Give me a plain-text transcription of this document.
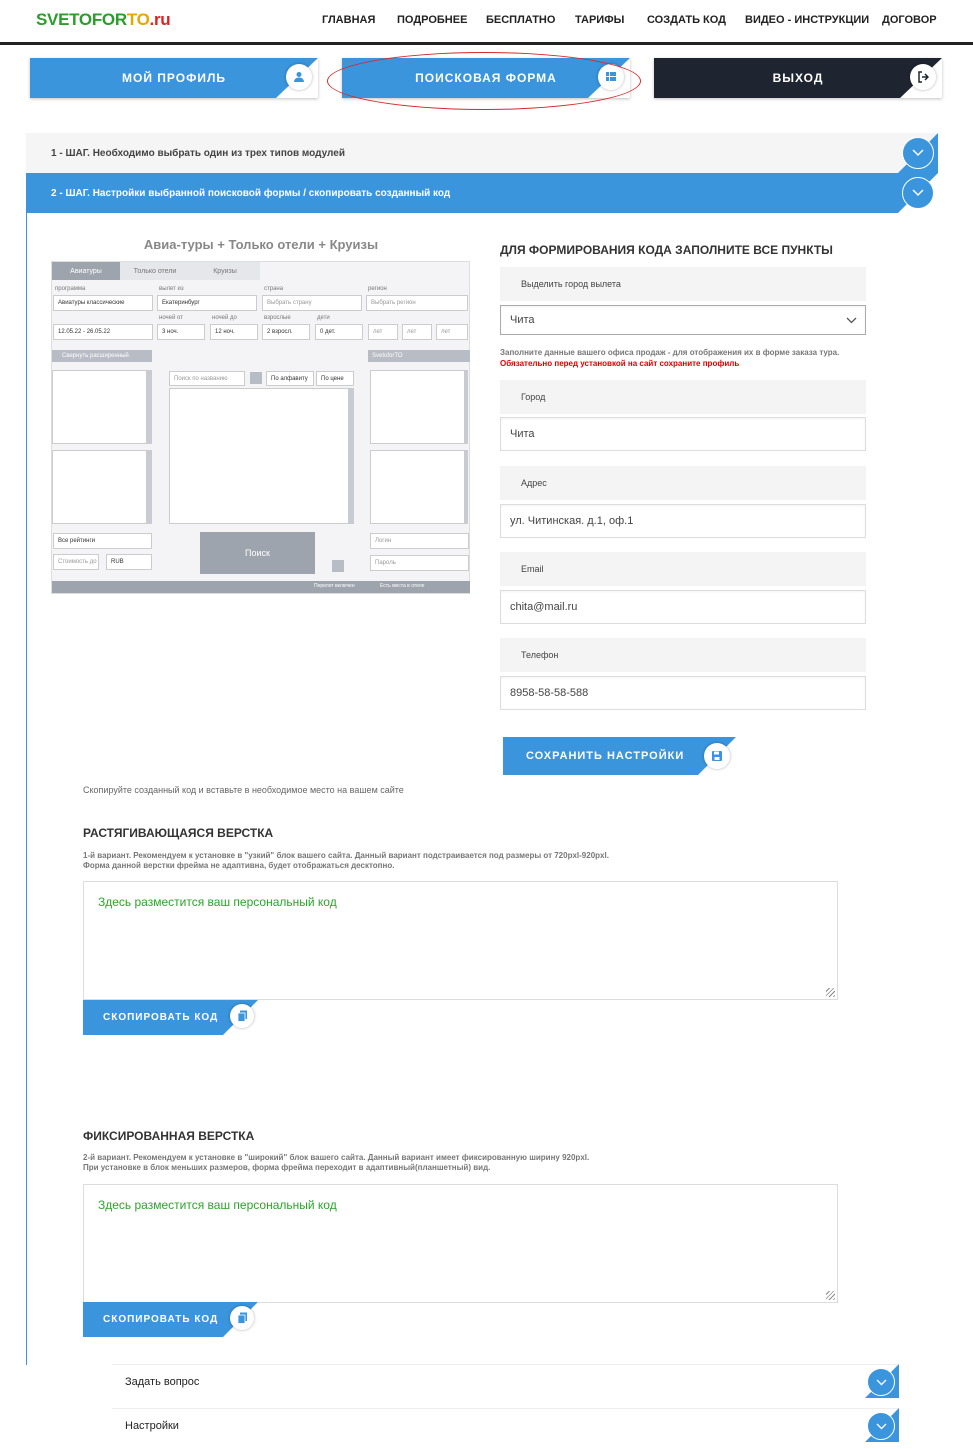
SVETOFORTO.ru	ГЛАВНАЯ ПОДРОБНЕЕ БЕСПЛАТНО ТАРИФЫ СОЗДАТЬ КОД ВИДЕО - ИНСТРУКЦИИ ДОГОВОР
МОЙ ПРОФИЛЬ	ПОИСКОВАЯ ФОРМА	ВЫХОД
1 - ШАГ. Необходимо выбрать один из трех типов модулей
2 - ШАГ. Настройки выбранной поисковой формы / скопировать созданный код
Авиа-туры + Только отели + Круизы
Авиатуры	Только отели	Круизы
программа	вылет из	страна	регион
Авиатуры классические	Екатеринбург	Выбрать страну	Выбрать регион
ночей от	ночей до	взрослые	дети
12.05.22 - 26.05.22	3 ноч.	12 ноч.	2 взросл.	0 дет.	лет	лет	лет
Свернуть расширенный	SvetoforTO
Поиск по названию	По алфавиту	По цене
Все рейтинги
Стоимость до	RUB
Поиск
Логин
Пароль
Перелет включен	Есть места в отеле
ДЛЯ ФОРМИРОВАНИЯ КОДА ЗАПОЛНИТЕ ВСЕ ПУНКТЫ
Выделить город вылета
Чита
Заполните данные вашего офиса продаж - для отображения их в форме заказа тура. Обязательно перед установкой на сайт сохраните профиль
Город
Чита
Адрес
ул. Читинская. д.1, оф.1
Email
chita@mail.ru
Телефон
8958-58-58-588
СОХРАНИТЬ НАСТРОЙКИ
Скопируйте созданный код и вставьте в необходимое место на вашем сайте
РАСТЯГИВАЮЩАЯСЯ ВЕРСТКА
1-й вариант. Рекомендуем к установке в "узкий" блок вашего сайта. Данный вариант подстраивается под размеры от 720pxl-920pxl.
Форма данной верстки фрейма не адаптивна, будет отображаться десктопно.
Здесь разместится ваш персональный код
СКОПИРОВАТЬ КОД
ФИКСИРОВАННАЯ ВЕРСТКА
2-й вариант. Рекомендуем к установке в "широкий" блок вашего сайта. Данный вариант имеет фиксированную ширину 920pxl.
При установке в блок меньших размеров, форма фрейма переходит в адаптивный(планшетный) вид.
Здесь разместится ваш персональный код
СКОПИРОВАТЬ КОД
Задать вопрос
Настройки
